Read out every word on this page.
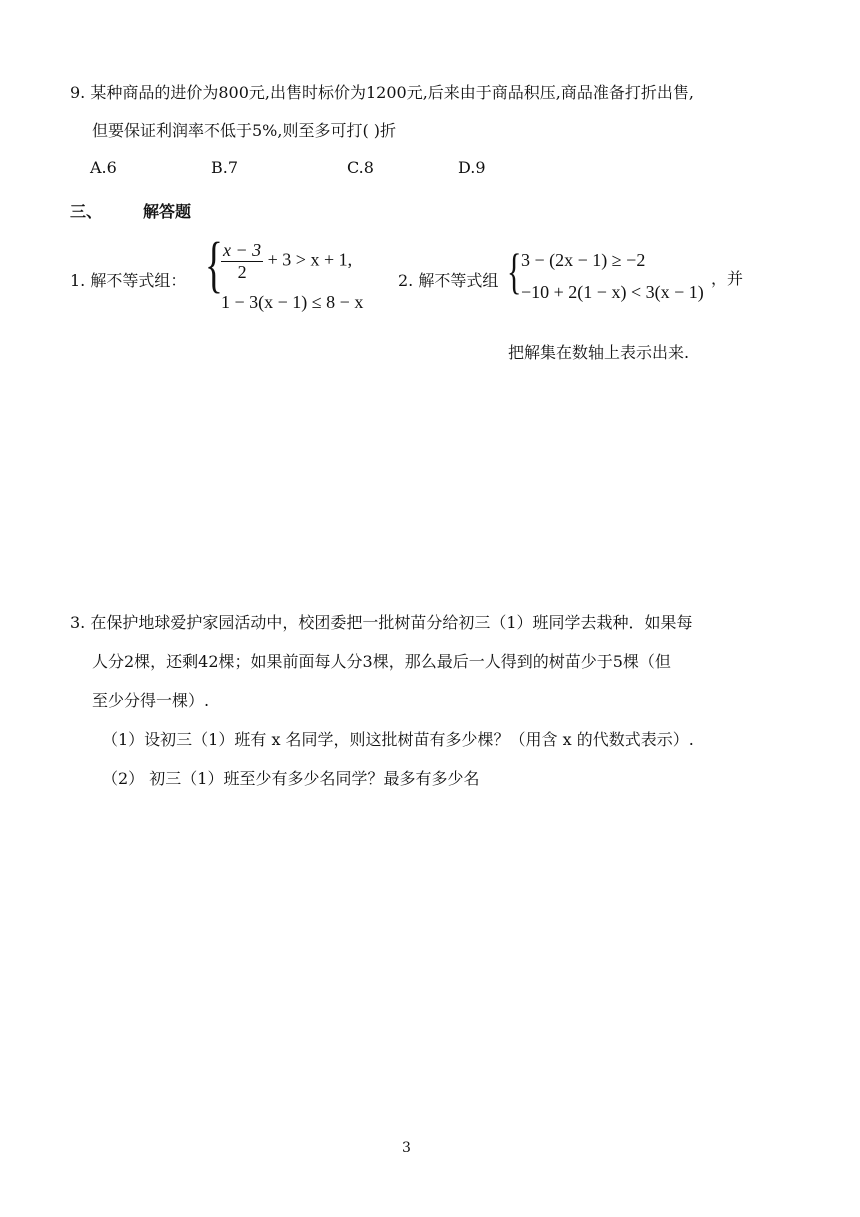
9. 某种商品的进价为800元,出售时标价为1200元,后来由于商品积压,商品准备打折出售,
但要保证利润率不低于5%,则至多可打( )折
A.6	B.7	C.8	D.9
三、	解答题
1. 解不等式组： {
$\frac{x - 3}{2} + 3 > x + 1$,
1 − 3(x − 1) ≤ 8 − x
2. 解不等式组 { 3 − (2x − 1) ≥ −2
−10 + 2(1 − x) < 3(x − 1)
，并
把解集在数轴上表示出来.
3. 在保护地球爱护家园活动中，校团委把一批树苗分给初三（1）班同学去栽种．如果每
人分2棵，还剩42棵；如果前面每人分3棵，那么最后一人得到的树苗少于5棵（但
至少分得一棵）.
（1）设初三（1）班有 x 名同学，则这批树苗有多少棵？（用含 x 的代数式表示）.
（2） 初三（1）班至少有多少名同学？最多有多少名
3
